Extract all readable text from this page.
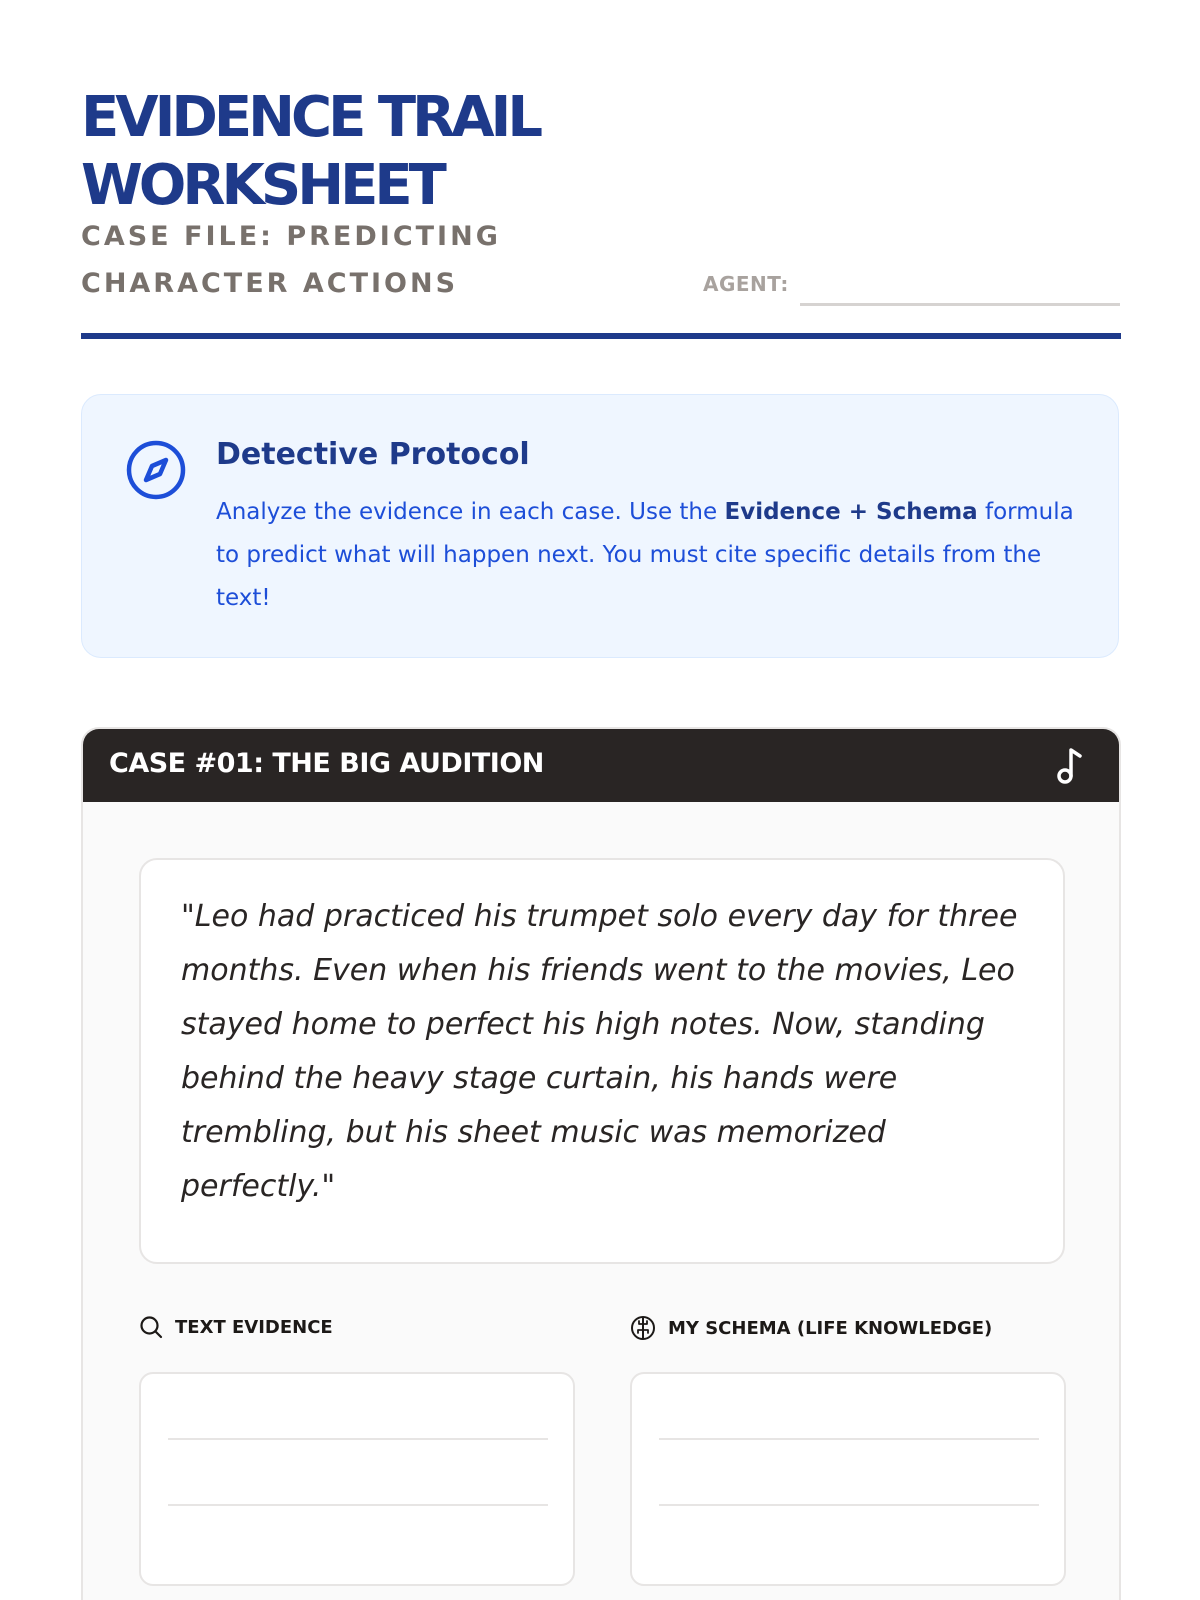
EVIDENCE TRAIL
WORKSHEET

CASE FILE: PREDICTING
CHARACTER ACTIONS	AGENT:
Detective Protocol

Analyze the evidence in each case. Use the Evidence + Schema formula to predict what will happen next. You must cite specific details from the text!

CASE #01: THE BIG AUDITION

"Leo had practiced his trumpet solo every day for three months. Even when his friends went to the movies, Leo stayed home to perfect his high notes. Now, standing behind the heavy stage curtain, his hands were trembling, but his sheet music was memorized perfectly."

TEXT EVIDENCE	MY SCHEMA (LIFE KNOWLEDGE)
